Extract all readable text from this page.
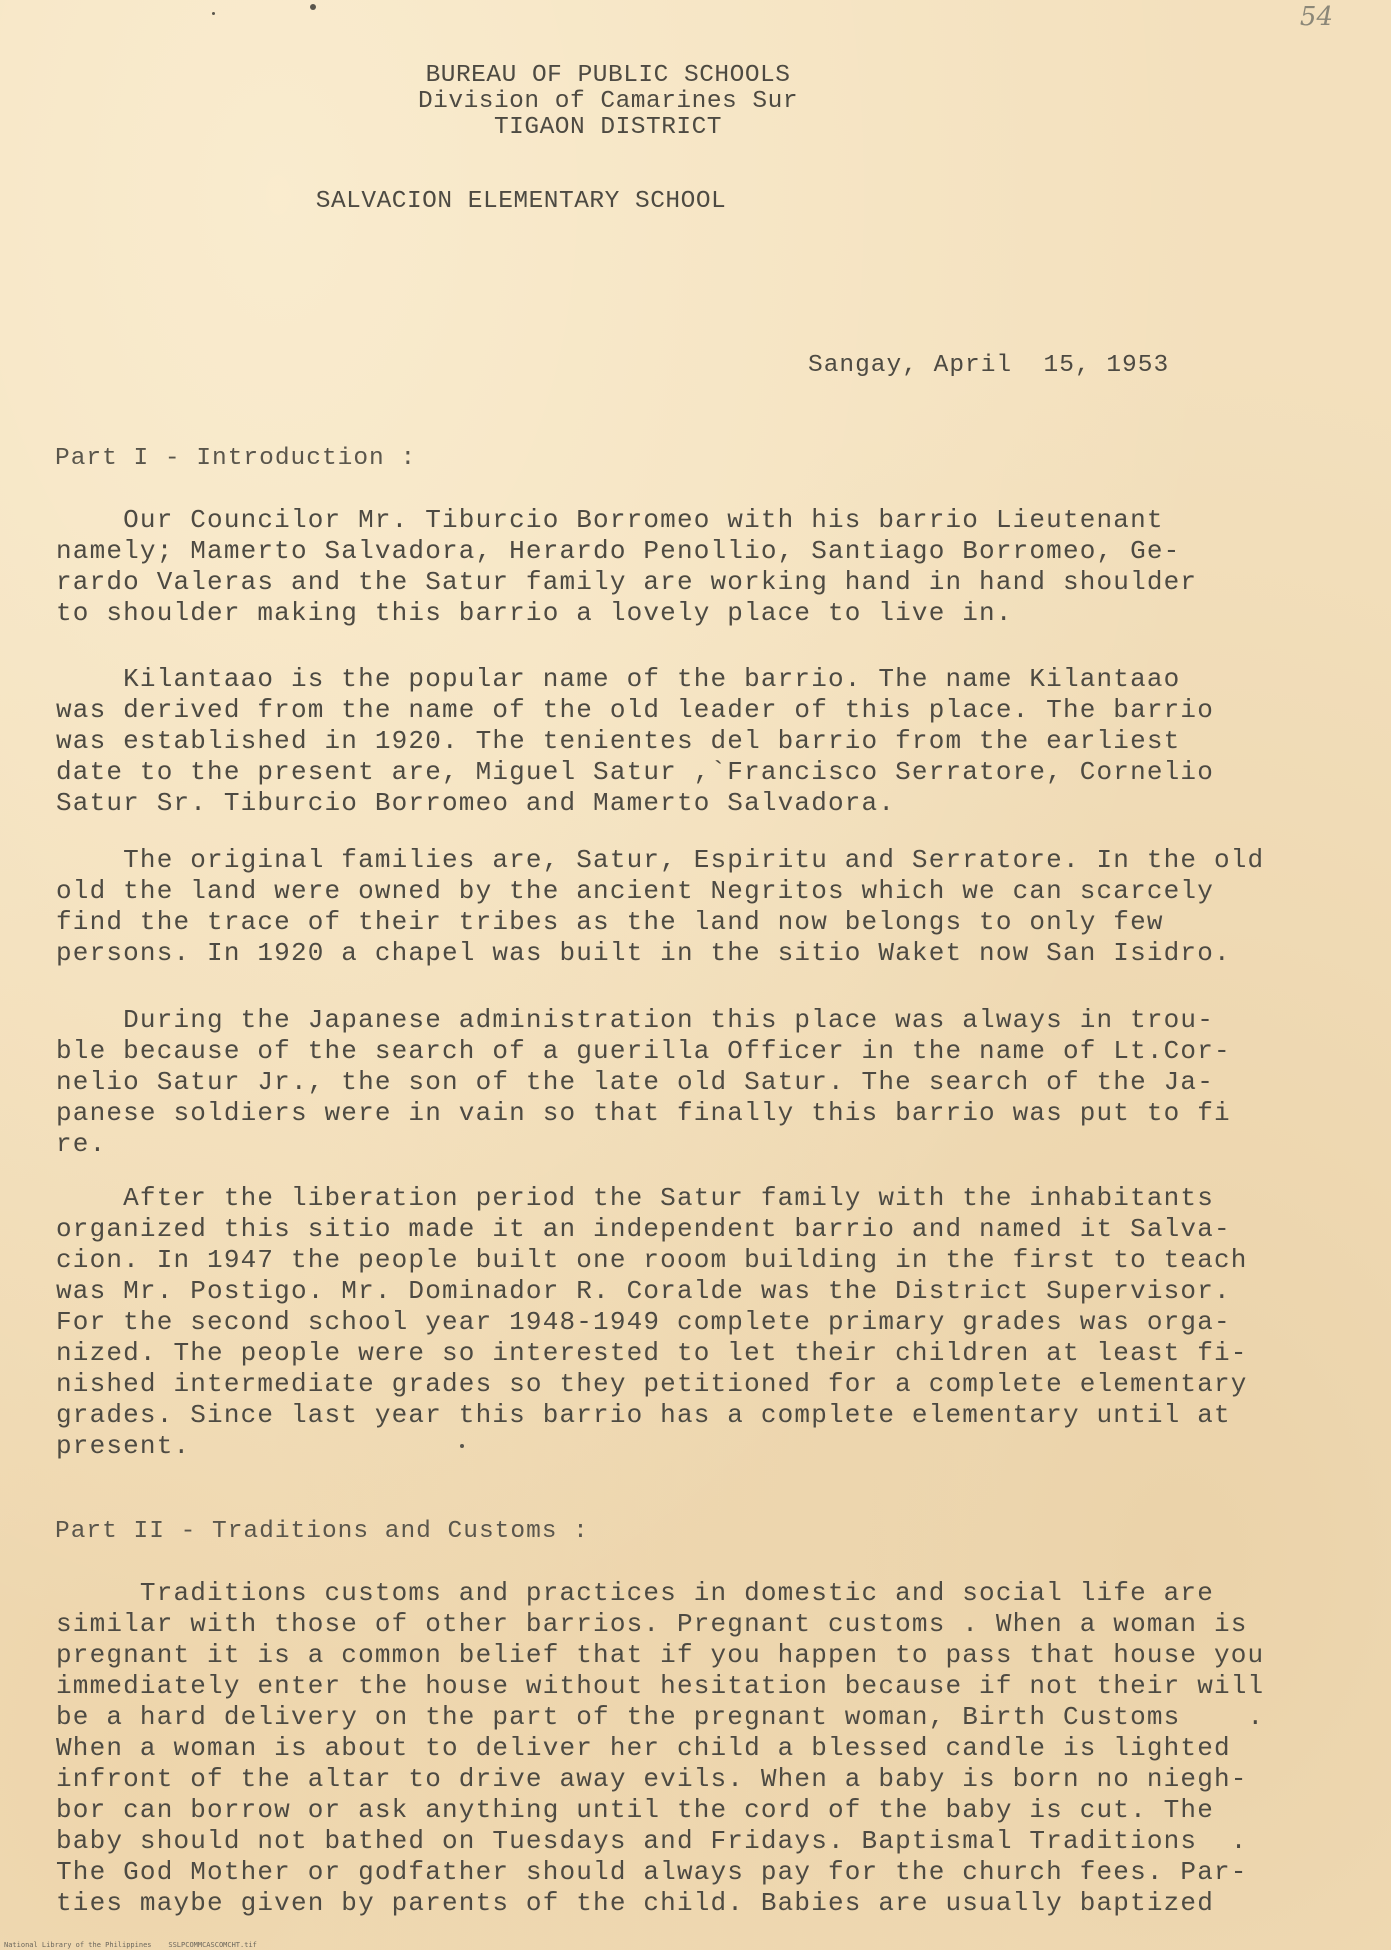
54
BUREAU OF PUBLIC SCHOOLS
Division of Camarines Sur
TIGAON DISTRICT
SALVACION ELEMENTARY SCHOOL
Sangay, April  15, 1953
Part I - Introduction :
Our Councilor Mr. Tiburcio Borromeo with his barrio Lieutenant
namely; Mamerto Salvadora, Herardo Penollio, Santiago Borromeo, Ge-
rardo Valeras and the Satur family are working hand in hand shoulder
to shoulder making this barrio a lovely place to live in.
Kilantaao is the popular name of the barrio. The name Kilantaao
was derived from the name of the old leader of this place. The barrio
was established in 1920. The tenientes del barrio from the earliest
date to the present are, Miguel Satur ,`Francisco Serratore, Cornelio
Satur Sr. Tiburcio Borromeo and Mamerto Salvadora.
The original families are, Satur, Espiritu and Serratore. In the old
old the land were owned by the ancient Negritos which we can scarcely
find the trace of their tribes as the land now belongs to only few
persons. In 1920 a chapel was built in the sitio Waket now San Isidro.
During the Japanese administration this place was always in trou-
ble because of the search of a guerilla Officer in the name of Lt.Cor-
nelio Satur Jr., the son of the late old Satur. The search of the Ja-
panese soldiers were in vain so that finally this barrio was put to fi
re.
After the liberation period the Satur family with the inhabitants
organized this sitio made it an independent barrio and named it Salva-
cion. In 1947 the people built one rooom building in the first to teach
was Mr. Postigo. Mr. Dominador R. Coralde was the District Supervisor.
For the second school year 1948-1949 complete primary grades was orga-
nized. The people were so interested to let their children at least fi-
nished intermediate grades so they petitioned for a complete elementary
grades. Since last year this barrio has a complete elementary until at
present.
Part II - Traditions and Customs :
Traditions customs and practices in domestic and social life are
similar with those of other barrios. Pregnant customs . When a woman is
pregnant it is a common belief that if you happen to pass that house you
immediately enter the house without hesitation because if not their will
be a hard delivery on the part of the pregnant woman, Birth Customs    .
When a woman is about to deliver her child a blessed candle is lighted
infront of the altar to drive away evils. When a baby is born no niegh-
bor can borrow or ask anything until the cord of the baby is cut. The
baby should not bathed on Tuesdays and Fridays. Baptismal Traditions  .
The God Mother or godfather should always pay for the church fees. Par-
ties maybe given by parents of the child. Babies are usually baptized
National Library of the Philippines SSLPCOMMCASCOMCHT.tif
